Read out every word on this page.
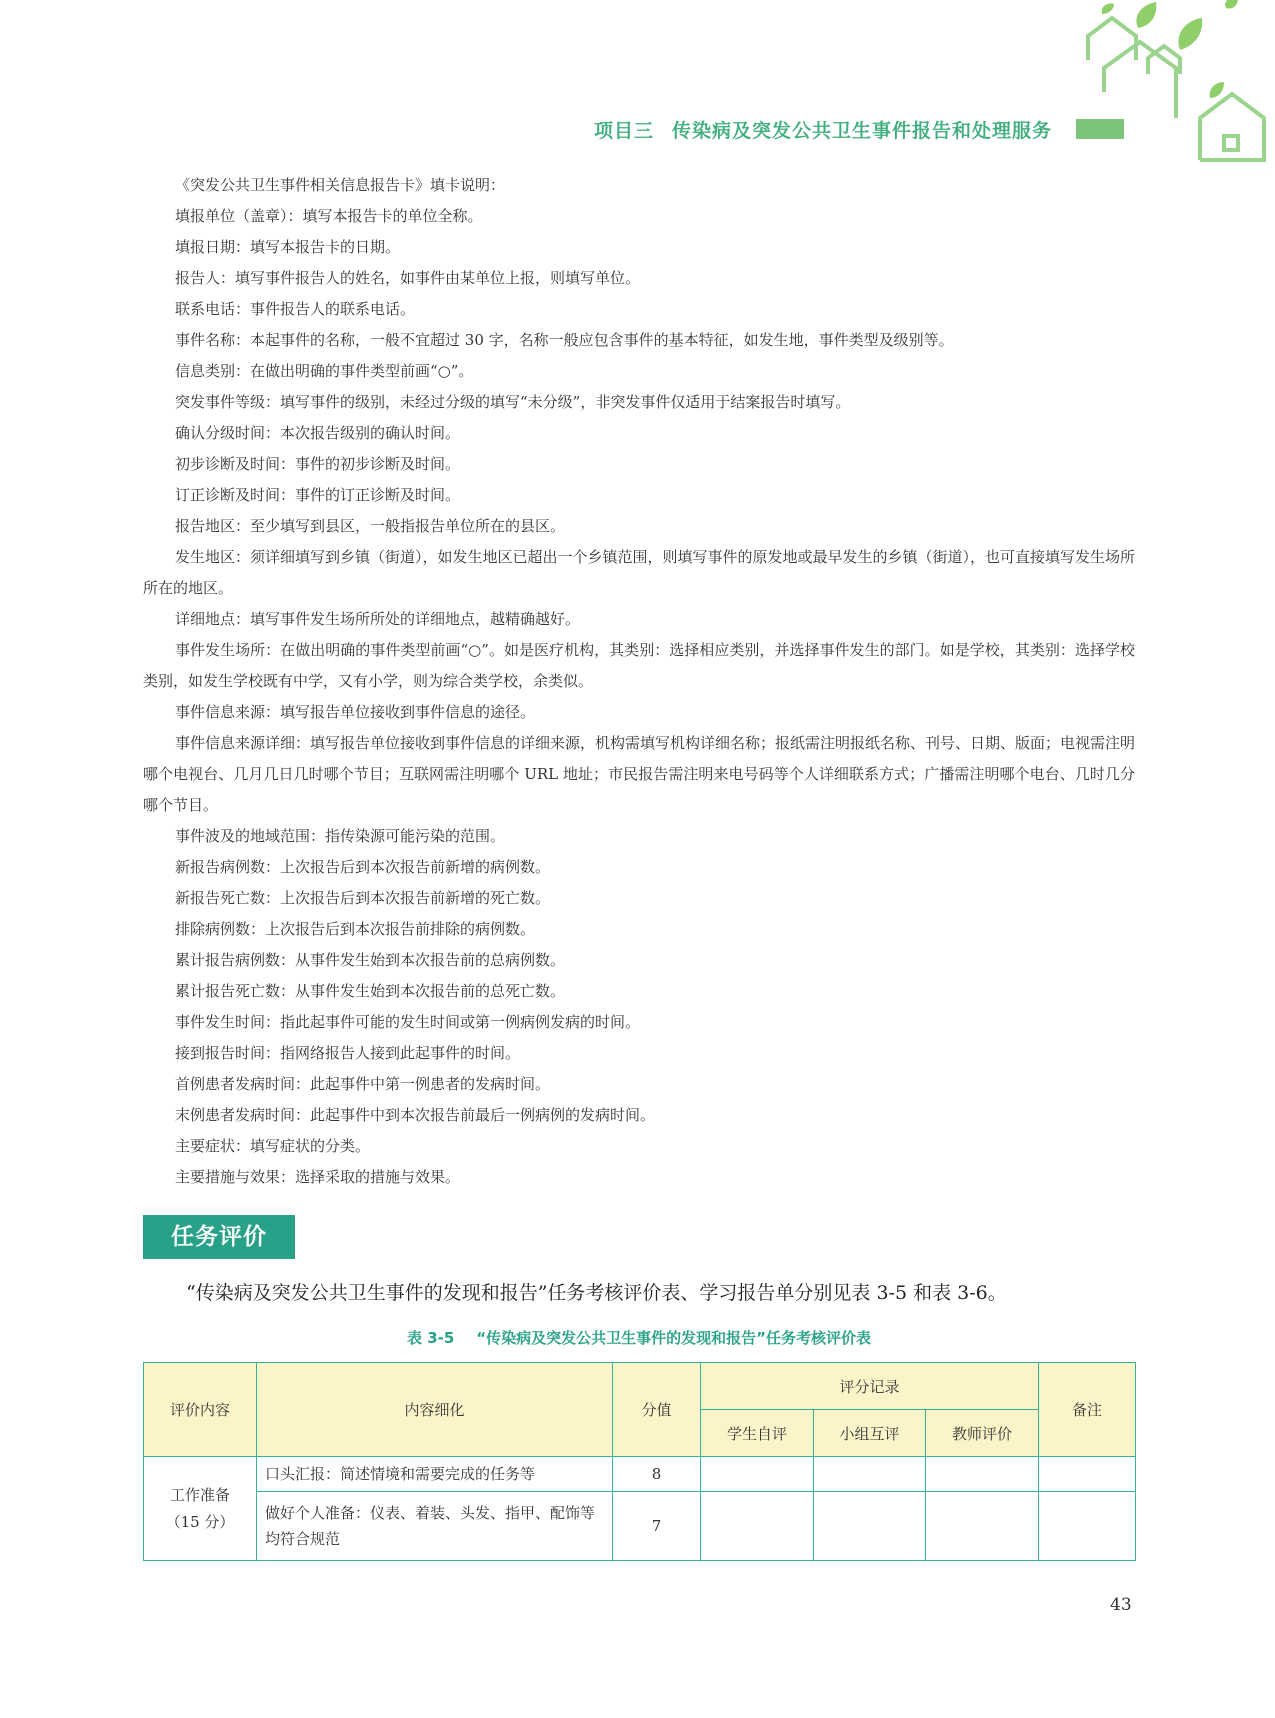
项目三 传染病及突发公共卫生事件报告和处理服务

《突发公共卫生事件相关信息报告卡》填卡说明：

填报单位（盖章）：填写本报告卡的单位全称。

填报日期：填写本报告卡的日期。

报告人：填写事件报告人的姓名，如事件由某单位上报，则填写单位。

联系电话：事件报告人的联系电话。

事件名称：本起事件的名称，一般不宜超过 30 字，名称一般应包含事件的基本特征，如发生地，事件类型及级别等。

信息类别：在做出明确的事件类型前画“○”。

突发事件等级：填写事件的级别，未经过分级的填写“未分级”，非突发事件仅适用于结案报告时填写。

确认分级时间：本次报告级别的确认时间。

初步诊断及时间：事件的初步诊断及时间。

订正诊断及时间：事件的订正诊断及时间。

报告地区：至少填写到县区，一般指报告单位所在的县区。

发生地区：须详细填写到乡镇（街道），如发生地区已超出一个乡镇范围，则填写事件的原发地或最早发生的乡镇（街道），也可直接填写发生场所所在的地区。

详细地点：填写事件发生场所所处的详细地点，越精确越好。

事件发生场所：在做出明确的事件类型前画“○”。如是医疗机构，其类别：选择相应类别，并选择事件发生的部门。如是学校，其类别：选择学校类别，如发生学校既有中学，又有小学，则为综合类学校，余类似。

事件信息来源：填写报告单位接收到事件信息的途径。

事件信息来源详细：填写报告单位接收到事件信息的详细来源，机构需填写机构详细名称；报纸需注明报纸名称、刊号、日期、版面；电视需注明哪个电视台、几月几日几时哪个节目；互联网需注明哪个 URL 地址；市民报告需注明来电号码等个人详细联系方式；广播需注明哪个电台、几时几分哪个节目。

事件波及的地域范围：指传染源可能污染的范围。

新报告病例数：上次报告后到本次报告前新增的病例数。

新报告死亡数：上次报告后到本次报告前新增的死亡数。

排除病例数：上次报告后到本次报告前排除的病例数。

累计报告病例数：从事件发生始到本次报告前的总病例数。

累计报告死亡数：从事件发生始到本次报告前的总死亡数。

事件发生时间：指此起事件可能的发生时间或第一例病例发病的时间。

接到报告时间：指网络报告人接到此起事件的时间。

首例患者发病时间：此起事件中第一例患者的发病时间。

末例患者发病时间：此起事件中到本次报告前最后一例病例的发病时间。

主要症状：填写症状的分类。

主要措施与效果：选择采取的措施与效果。

任务评价
“传染病及突发公共卫生事件的发现和报告”任务考核评价表、学习报告单分别见表 3-5 和表 3-6。
表 3-5 “传染病及突发公共卫生事件的发现和报告”任务考核评价表
评价内容	内容细化	分值	评分记录			备注
			学生自评	小组互评	教师评价	

工作准备
（15 分）	口头汇报：简述情境和需要完成的任务等	8				
	做好个人准备：仪表、着装、头发、指甲、配饰等均符合规范	7				
43
